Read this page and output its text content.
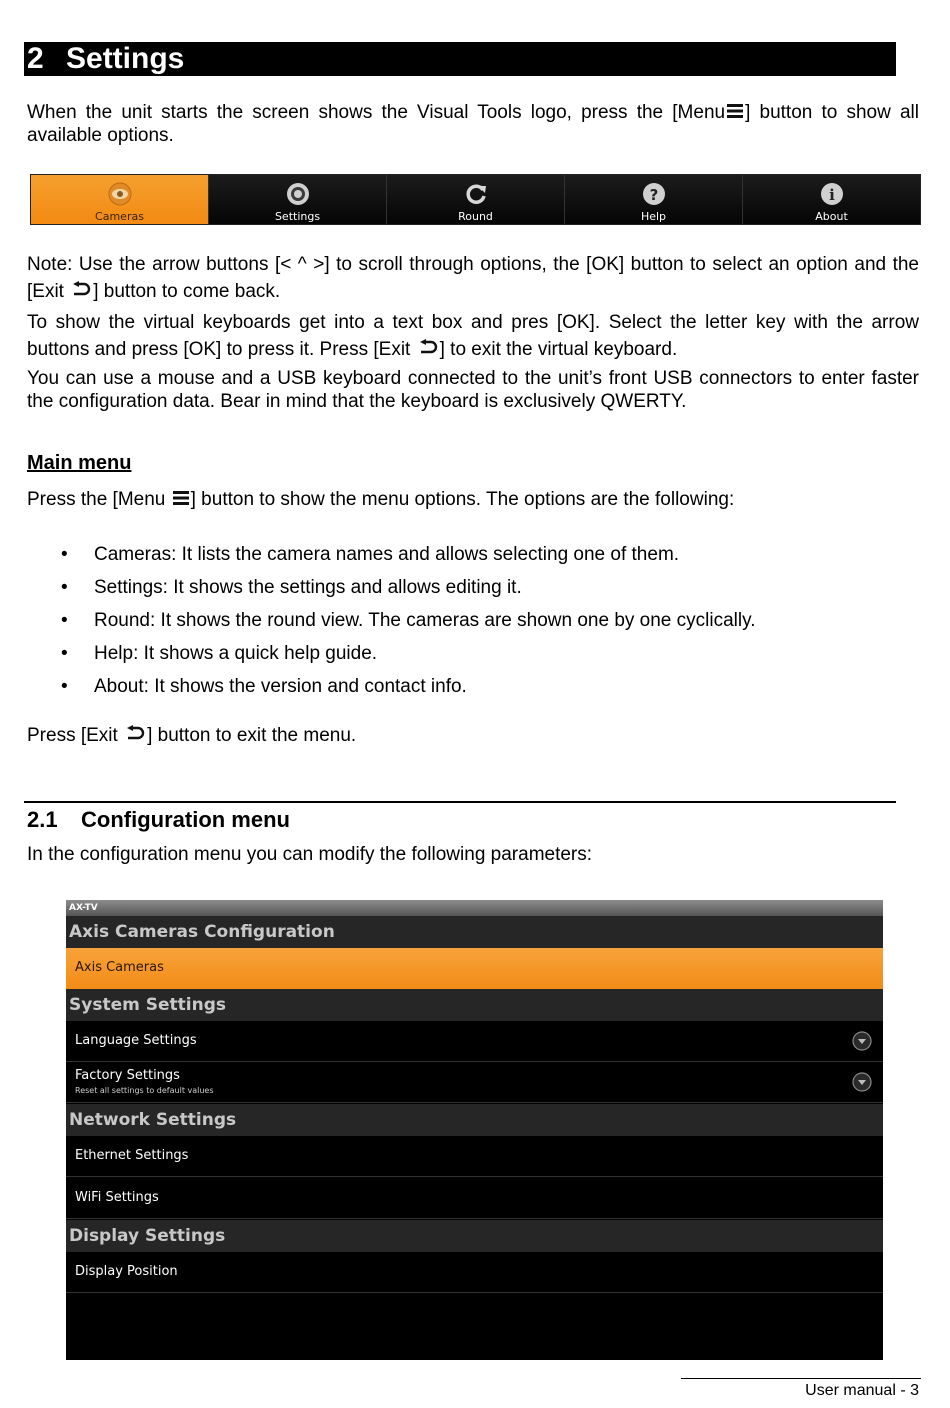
2 Settings
When the unit starts the screen shows the Visual Tools logo, press the [Menu ] button to show all available options.
Cameras	Settings	Round
?
Help
i
About
Note: Use the arrow buttons [< ^ >] to scroll through options, the [OK] button to select an option and the [Exit ] button to come back.
To show the virtual keyboards get into a text box and pres [OK]. Select the letter key with the arrow buttons and press [OK] to press it. Press [Exit ] to exit the virtual keyboard.
You can use a mouse and a USB keyboard connected to the unit’s front USB connectors to enter faster the configuration data. Bear in mind that the keyboard is exclusively QWERTY.
Main menu
Press the [Menu ] button to show the menu options. The options are the following:
• Cameras: It lists the camera names and allows selecting one of them.
• Settings: It shows the settings and allows editing it.
• Round: It shows the round view. The cameras are shown one by one cyclically.
• Help: It shows a quick help guide.
• About: It shows the version and contact info.
Press [Exit ] button to exit the menu.
2.1 Configuration menu
In the configuration menu you can modify the following parameters:
AX-TV
Axis Cameras Configuration
Axis Cameras
System Settings
Language Settings
Factory Settings
Reset all settings to default values
Network Settings
Ethernet Settings
WiFi Settings
Display Settings
Display Position
User manual - 3
